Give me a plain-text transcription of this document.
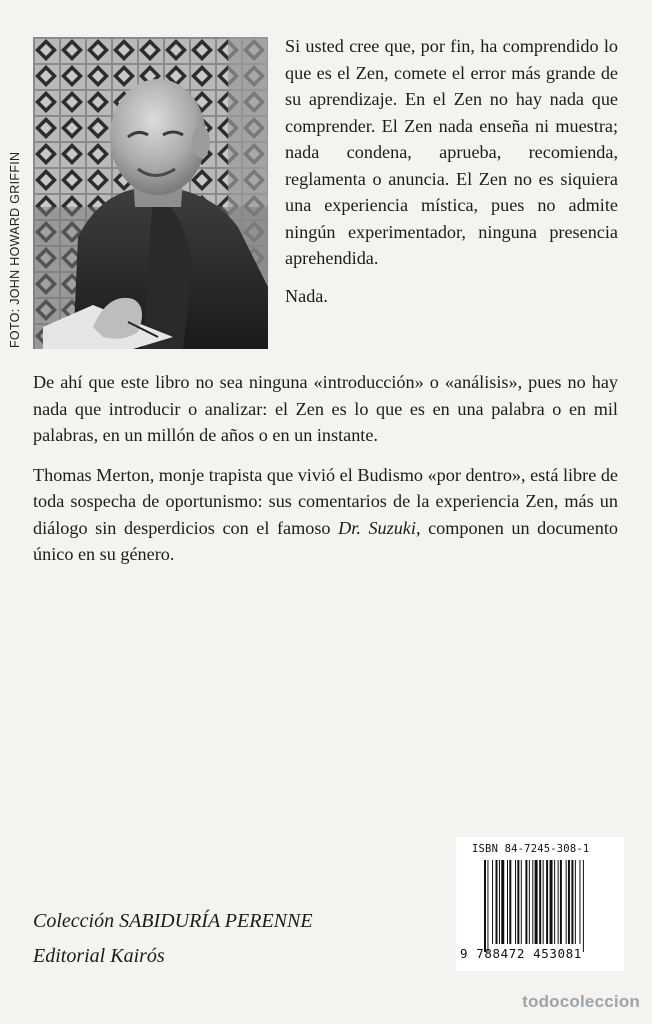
FOTO: JOHN HOWARD GRIFFIN

Si usted cree que, por fin, ha comprendido lo que es el Zen, comete el error más grande de su aprendizaje. En el Zen no hay nada que comprender. El Zen nada enseña ni muestra; nada condena, aprueba, recomienda, reglamenta o anuncia. El Zen no es siquiera una experiencia mística, pues no admite ningún experimentador, ninguna presencia aprehendida.

Nada.

De ahí que este libro no sea ninguna «introducción» o «análisis», pues no hay nada que introducir o analizar: el Zen es lo que es en una palabra o en mil palabras, en un millón de años o en un instante.

Thomas Merton, monje trapista que vivió el Budismo «por dentro», está libre de toda sospecha de oportunismo: sus comentarios de la experiencia Zen, más un diálogo sin desperdicios con el famoso Dr. Suzuki, componen un documento único en su género.

ISBN 84-7245-308-1
9 788472 453081
Colección SABIDURÍA PERENNE
Editorial Kairós
todocoleccion
